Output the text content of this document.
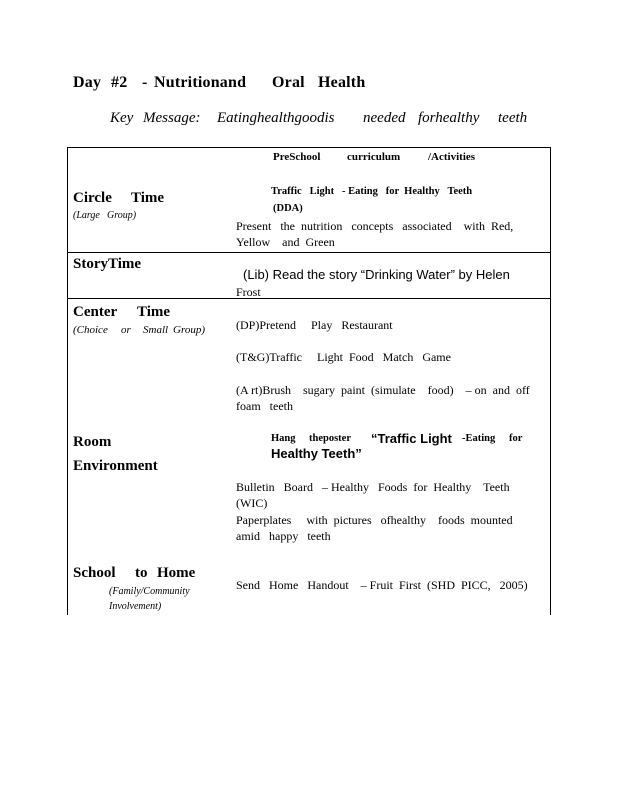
Day #2 - Nutritionand Oral Health
Key Message: Eatinghealthgoodis needed forhealthy teeth
PreSchool curriculum	/Activities
Circle Time
(Large Group)
Traffic   Light   - Eating   for  Healthy   Teeth
(DDA)
Present   the  nutrition   concepts   associated    with  Red,
Yellow    and  Green
StoryTime
(Lib) Read the story “Drinking Water” by Helen
Frost
Center Time
(Choice or Small Group)	(DP)Pretend     Play   Restaurant
(T&G)Traffic     Light  Food   Match   Game
(A rt)Brush    sugary  paint  (simulate    food)    – on  and  off
foam   teeth
Room
Environment
Hang theposter “Traffic Light -Eating for
Healthy Teeth”
Bulletin   Board   – Healthy   Foods  for  Healthy    Teeth
(WIC)
Paperplates     with  pictures   ofhealthy    foods  mounted
amid   happy   teeth
School to Home
(Family/Community
Involvement)
Send   Home   Handout    – Fruit  First  (SHD  PICC,   2005)
